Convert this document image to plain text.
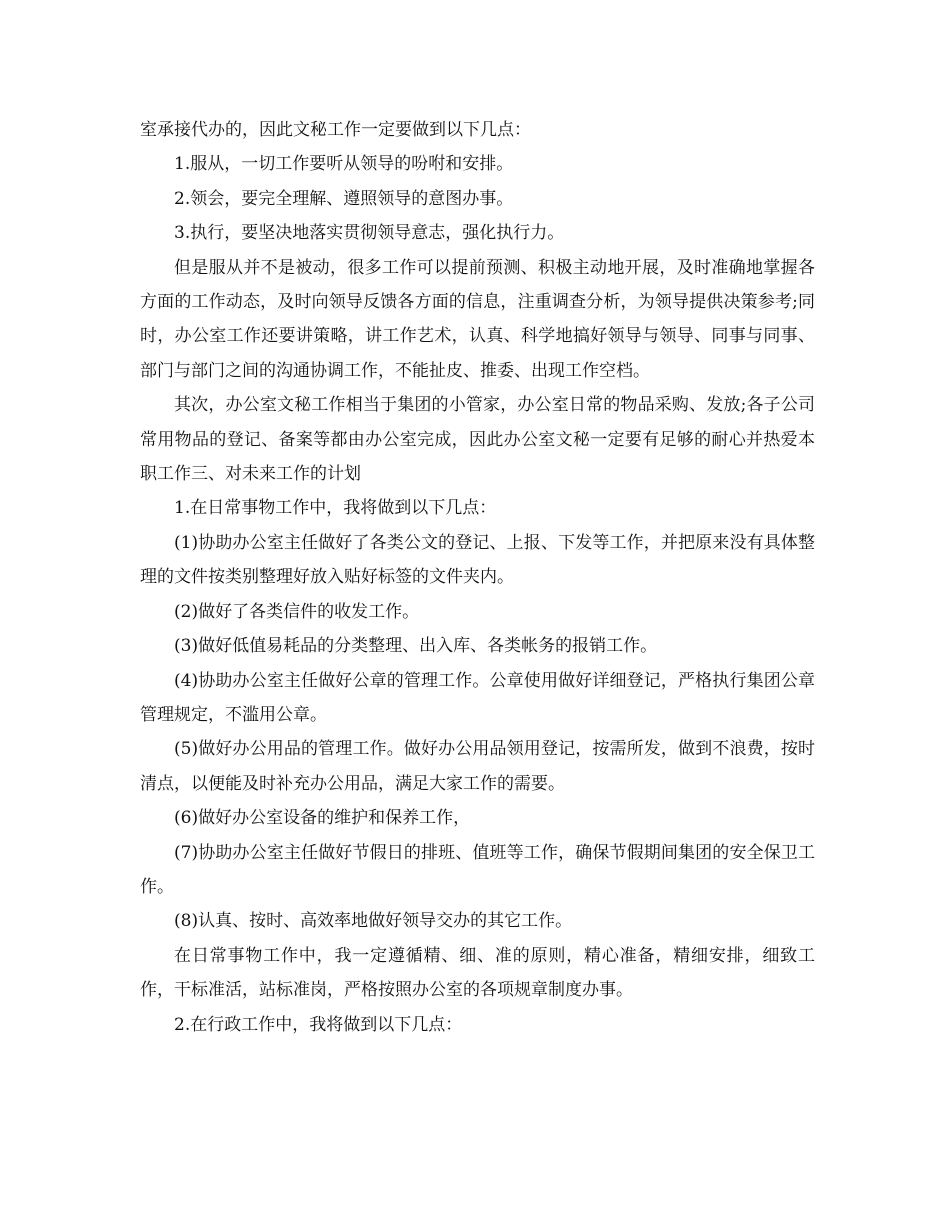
室承接代办的，因此文秘工作一定要做到以下几点：

1.服从，一切工作要听从领导的吩咐和安排。

2.领会，要完全理解、遵照领导的意图办事。

3.执行，要坚决地落实贯彻领导意志，强化执行力。

但是服从并不是被动，很多工作可以提前预测、积极主动地开展，及时准确地掌握各方面的工作动态，及时向领导反馈各方面的信息，注重调查分析，为领导提供决策参考;同时，办公室工作还要讲策略，讲工作艺术，认真、科学地搞好领导与领导、同事与同事、部门与部门之间的沟通协调工作，不能扯皮、推委、出现工作空档。

其次，办公室文秘工作相当于集团的小管家，办公室日常的物品采购、发放;各子公司常用物品的登记、备案等都由办公室完成，因此办公室文秘一定要有足够的耐心并热爱本职工作三、对未来工作的计划

1.在日常事物工作中，我将做到以下几点：

(1)协助办公室主任做好了各类公文的登记、上报、下发等工作，并把原来没有具体整理的文件按类别整理好放入贴好标签的文件夹内。

(2)做好了各类信件的收发工作。

(3)做好低值易耗品的分类整理、出入库、各类帐务的报销工作。

(4)协助办公室主任做好公章的管理工作。公章使用做好详细登记，严格执行集团公章管理规定，不滥用公章。

(5)做好办公用品的管理工作。做好办公用品领用登记，按需所发，做到不浪费，按时清点，以便能及时补充办公用品，满足大家工作的需要。

(6)做好办公室设备的维护和保养工作，

(7)协助办公室主任做好节假日的排班、值班等工作，确保节假期间集团的安全保卫工作。

(8)认真、按时、高效率地做好领导交办的其它工作。

在日常事物工作中，我一定遵循精、细、准的原则，精心准备，精细安排，细致工作，干标准活，站标准岗，严格按照办公室的各项规章制度办事。

2.在行政工作中，我将做到以下几点：
